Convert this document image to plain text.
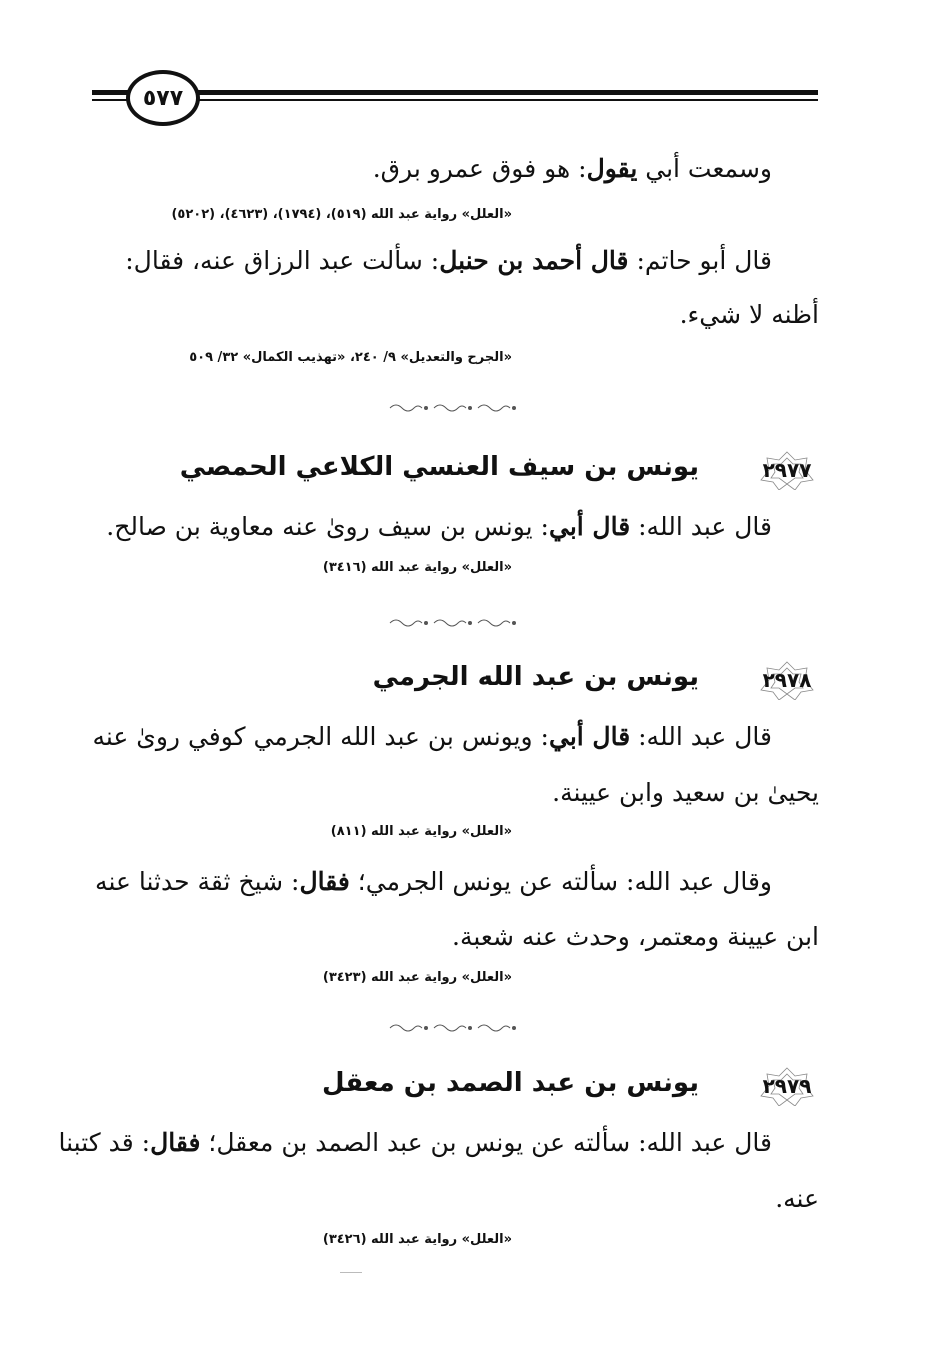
٥٧٧
وسمعت أبي يقول: هو فوق عمرو برق.
«العلل» رواية عبد الله (٥١٩)، (١٧٩٤)، (٤٦٢٣)، (٥٢٠٢)
قال أبو حاتم: قال أحمد بن حنبل: سألت عبد الرزاق عنه، فقال:
أظنه لا شيء.
«الجرح والتعديل» ٩/ ٢٤٠، «تهذيب الكمال» ٣٢/ ٥٠٩
٢٩٧٧
يونس بن سيف العنسي الكلاعي الحمصي
قال عبد الله: قال أبي: يونس بن سيف روىٰ عنه معاوية بن صالح.
«العلل» رواية عبد الله (٣٤١٦)
٢٩٧٨
يونس بن عبد الله الجرمي
قال عبد الله: قال أبي: ويونس بن عبد الله الجرمي كوفي روىٰ عنه
يحيىٰ بن سعيد وابن عيينة.
«العلل» رواية عبد الله (٨١١)
وقال عبد الله: سألته عن يونس الجرمي؛ فقال: شيخ ثقة حدثنا عنه
ابن عيينة ومعتمر، وحدث عنه شعبة.
«العلل» رواية عبد الله (٣٤٢٣)
٢٩٧٩
يونس بن عبد الصمد بن معقل
قال عبد الله: سألته عن يونس بن عبد الصمد بن معقل؛ فقال: قد كتبنا
عنه.
«العلل» رواية عبد الله (٣٤٢٦)
